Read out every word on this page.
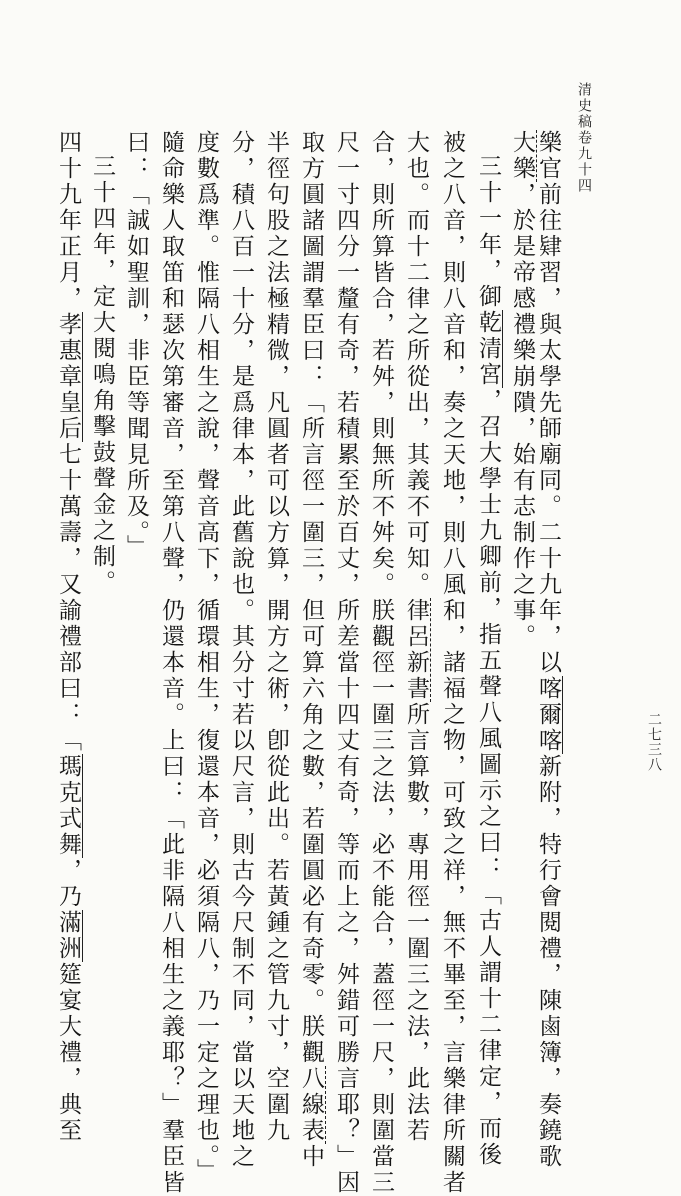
清史稿卷九十四
二七三八
樂官前往肄習，與太學先師廟同。二十九年，以喀爾喀新附，特行會閱禮，陳鹵簿，奏鐃歌
大樂，於是帝感禮樂崩隤，始有志制作之事。
三十一年，御乾清宮，召大學士九卿前，指五聲八風圖示之曰：「古人謂十二律定，而後
被之八音，則八音和，奏之天地，則八風和，諸福之物，可致之祥，無不畢至，言樂律所關者
大也。而十二律之所從出，其義不可知。律呂新書所言算數，專用徑一圍三之法，此法若
合，則所算皆合，若舛，則無所不舛矣。朕觀徑一圍三之法，必不能合，蓋徑一尺，則圍當三
尺一寸四分一釐有奇，若積累至於百丈，所差當十四丈有奇，等而上之，舛錯可勝言耶？」因
取方圓諸圖謂羣臣曰：「所言徑一圍三，但可算六角之數，若圍圓必有奇零。朕觀八線表中
半徑句股之法極精微，凡圓者可以方算，開方之術，卽從此出。若黃鍾之管九寸，空圍九
分，積八百一十分，是爲律本，此舊說也。其分寸若以尺言，則古今尺制不同，當以天地之
度數爲準。惟隔八相生之說，聲音高下，循環相生，復還本音，必須隔八，乃一定之理也。」
隨命樂人取笛和瑟次第審音，至第八聲，仍還本音。上曰：「此非隔八相生之義耶？」羣臣皆
曰：「誠如聖訓，非臣等聞見所及。」
三十四年，定大閱鳴角擊鼓聲金之制。
四十九年正月，孝惠章皇后七十萬壽，又諭禮部曰：「瑪克式舞，乃滿洲筵宴大禮，典至
